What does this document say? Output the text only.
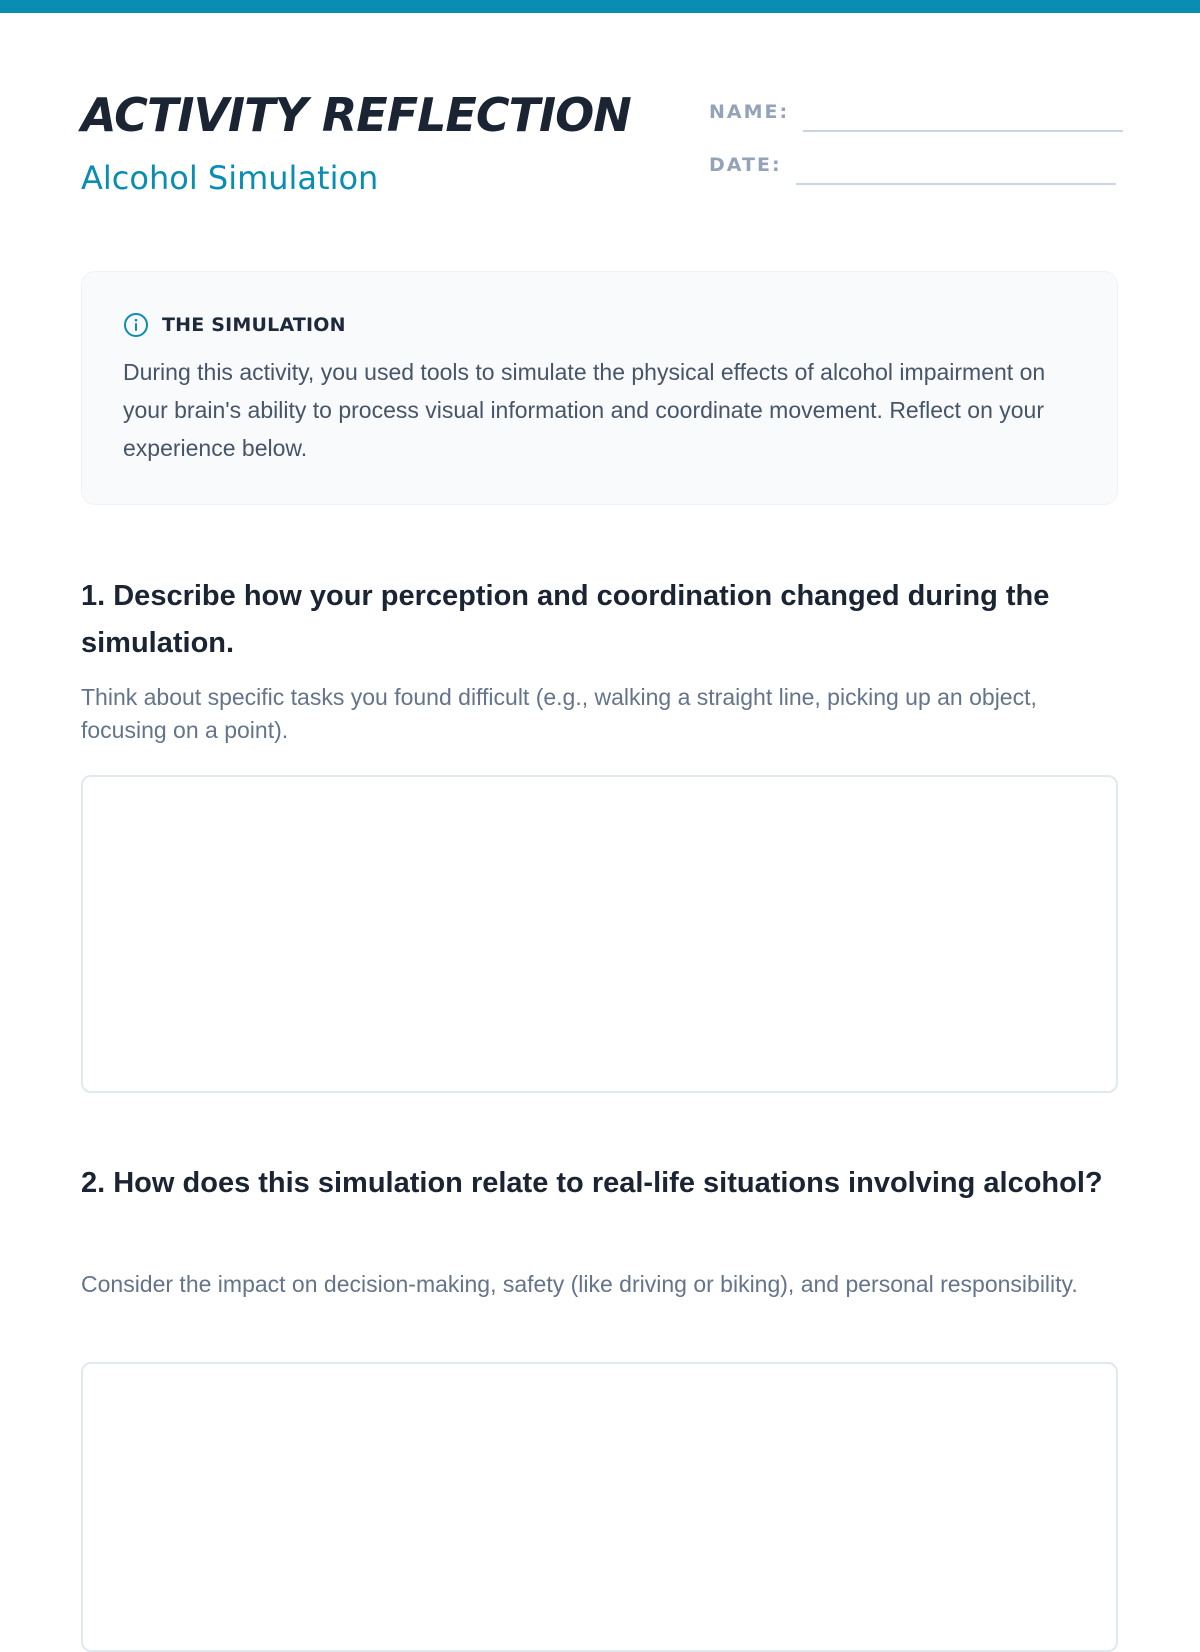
ACTIVITY REFLECTION
Alcohol Simulation
NAME:
DATE:
THE SIMULATION

During this activity, you used tools to simulate the physical effects of alcohol impairment on your brain's ability to process visual information and coordinate movement. Reflect on your experience below.

1. Describe how your perception and coordination changed during the simulation.

Think about specific tasks you found difficult (e.g., walking a straight line, picking up an object, focusing on a point).

2. How does this simulation relate to real-life situations involving alcohol?

Consider the impact on decision-making, safety (like driving or biking), and personal responsibility.
